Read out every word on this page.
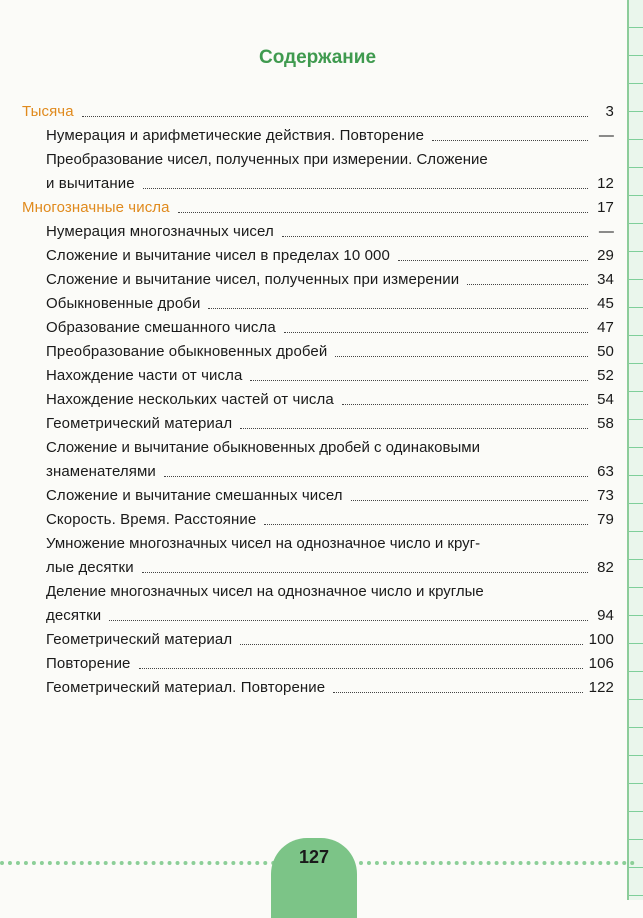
Содержание
Тысяча	3
Нумерация и арифметические действия. Повторение	—
Преобразование чисел, полученных при измерении. Сложение
и вычитание	12
Многозначные числа	17
Нумерация многозначных чисел	—
Сложение и вычитание чисел в пределах 10 000	29
Сложение и вычитание чисел, полученных при измерении	34
Обыкновенные дроби	45
Образование смешанного числа	47
Преобразование обыкновенных дробей	50
Нахождение части от числа	52
Нахождение нескольких частей от числа	54
Геометрический материал	58
Сложение и вычитание обыкновенных дробей с одинаковыми
знаменателями	63
Сложение и вычитание смешанных чисел	73
Скорость. Время. Расстояние	79
Умножение многозначных чисел на однозначное число и круг-
лые десятки	82
Деление многозначных чисел на однозначное число и круглые
десятки	94
Геометрический материал	100
Повторение	106
Геометрический материал. Повторение	122
127
